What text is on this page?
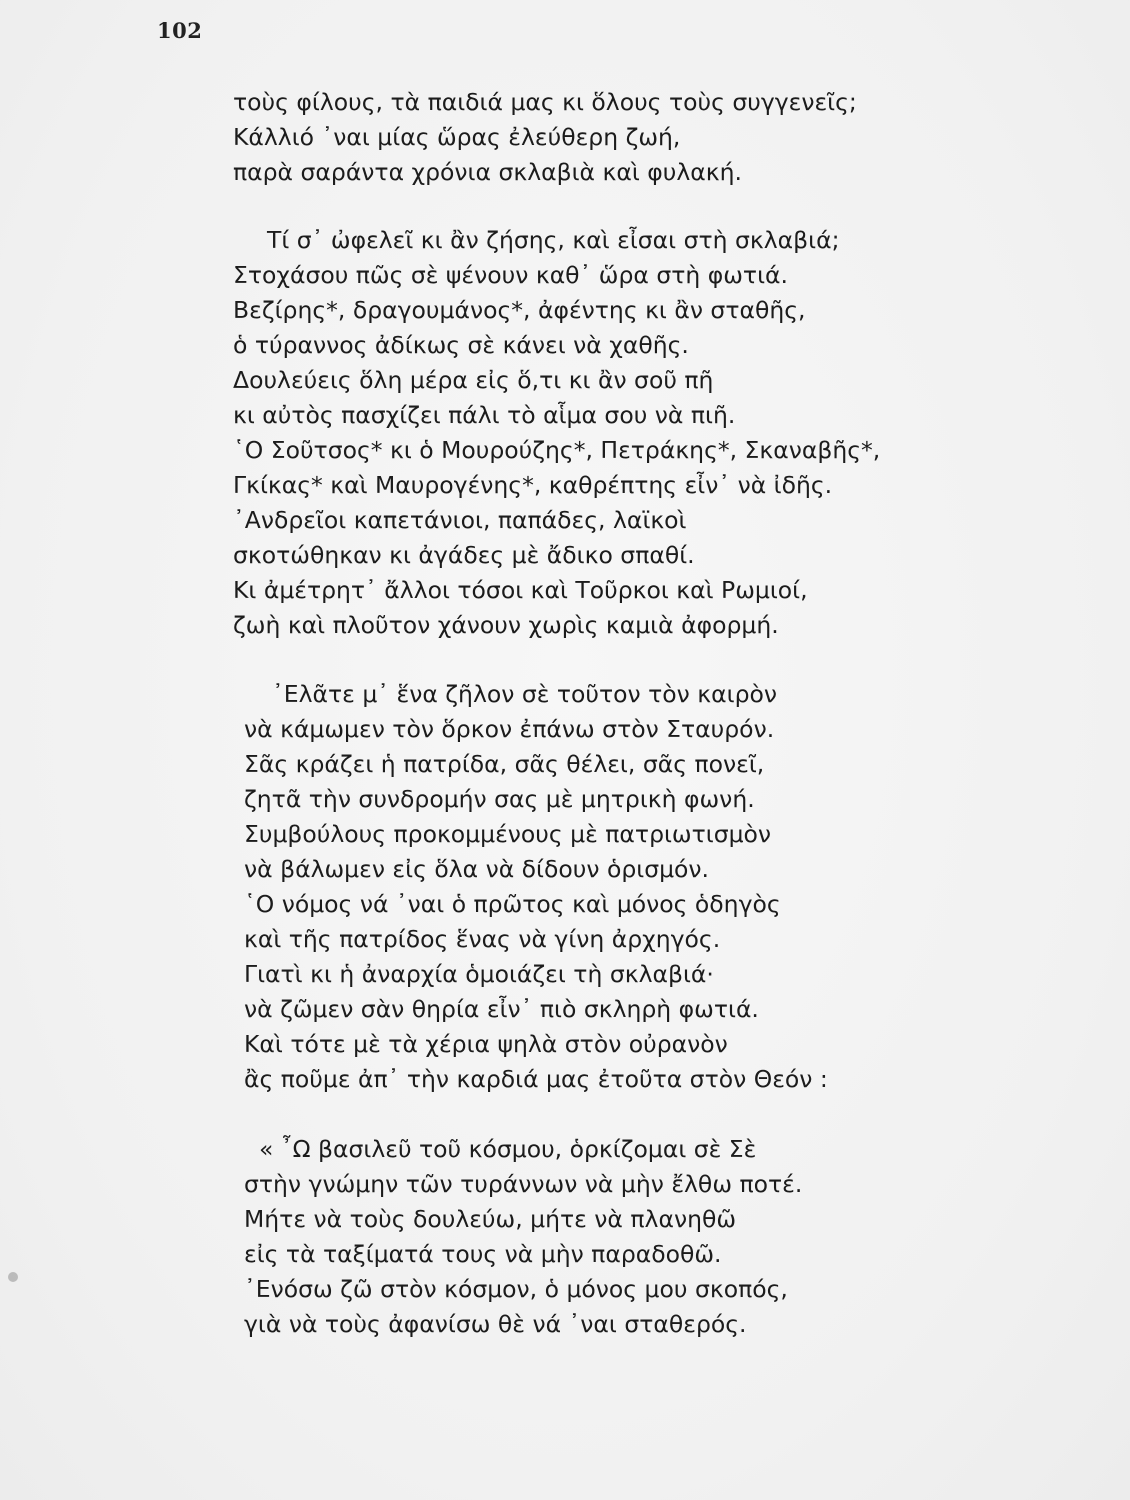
102
τοὺς φίλους, τὰ παιδιά μας κι ὅλους τοὺς συγγενεῖς;
Κάλλιό ᾿ναι μίας ὥρας ἐλεύθερη ζωή,
παρὰ σαράντα χρόνια σκλαβιὰ καὶ φυλακή.
Τί σ᾿ ὠφελεῖ κι ἂν ζήσης, καὶ εἶσαι στὴ σκλαβιά;
Στοχάσου πῶς σὲ ψένουν καθ᾿ ὥρα στὴ φωτιά.
Βεζίρης*, δραγουμάνος*, ἀφέντης κι ἂν σταθῆς,
ὁ τύραννος ἀδίκως σὲ κάνει νὰ χαθῆς.
Δουλεύεις ὅλη μέρα εἰς ὅ,τι κι ἂν σοῦ πῆ
κι αὐτὸς πασχίζει πάλι τὸ αἷμα σου νὰ πιῆ.
῾Ο Σοῦτσος* κι ὁ Μουρούζης*, Πετράκης*, Σκαναβῆς*,
Γκίκας* καὶ Μαυρογένης*, καθρέπτης εἶν᾿ νὰ ἰδῆς.
᾿Ανδρεῖοι καπετάνιοι, παπάδες, λαϊκοὶ
σκοτώθηκαν κι ἀγάδες μὲ ἄδικο σπαθί.
Κι ἀμέτρητ᾿ ἄλλοι τόσοι καὶ Τοῦρκοι καὶ Ρωμιοί,
ζωὴ καὶ πλοῦτον χάνουν χωρὶς καμιὰ ἀφορμή.
᾿Ελᾶτε μ᾿ ἕνα ζῆλον σὲ τοῦτον τὸν καιρὸν
νὰ κάμωμεν τὸν ὅρκον ἐπάνω στὸν Σταυρόν.
Σᾶς κράζει ἡ πατρίδα, σᾶς θέλει, σᾶς πονεῖ,
ζητᾶ τὴν συνδρομήν σας μὲ μητρικὴ φωνή.
Συμβούλους προκομμένους μὲ πατριωτισμὸν
νὰ βάλωμεν εἰς ὅλα νὰ δίδουν ὁρισμόν.
῾Ο νόμος νά ᾿ναι ὁ πρῶτος καὶ μόνος ὁδηγὸς
καὶ τῆς πατρίδος ἕνας νὰ γίνη ἀρχηγός.
Γιατὶ κι ἡ ἀναρχία ὁμοιάζει τὴ σκλαβιά·
νὰ ζῶμεν σὰν θηρία εἶν᾿ πιὸ σκληρὴ φωτιά.
Καὶ τότε μὲ τὰ χέρια ψηλὰ στὸν οὐρανὸν
ἂς ποῦμε ἀπ᾿ τὴν καρδιά μας ἐτοῦτα στὸν Θεόν :
« ῏Ω βασιλεῦ τοῦ κόσμου, ὁρκίζομαι σὲ Σὲ
στὴν γνώμην τῶν τυράννων νὰ μὴν ἔλθω ποτέ.
Μήτε νὰ τοὺς δουλεύω, μήτε νὰ πλανηθῶ
εἰς τὰ ταξίματά τους νὰ μὴν παραδοθῶ.
᾿Ενόσω ζῶ στὸν κόσμον, ὁ μόνος μου σκοπός,
γιὰ νὰ τοὺς ἀφανίσω θὲ νά ᾿ναι σταθερός.
